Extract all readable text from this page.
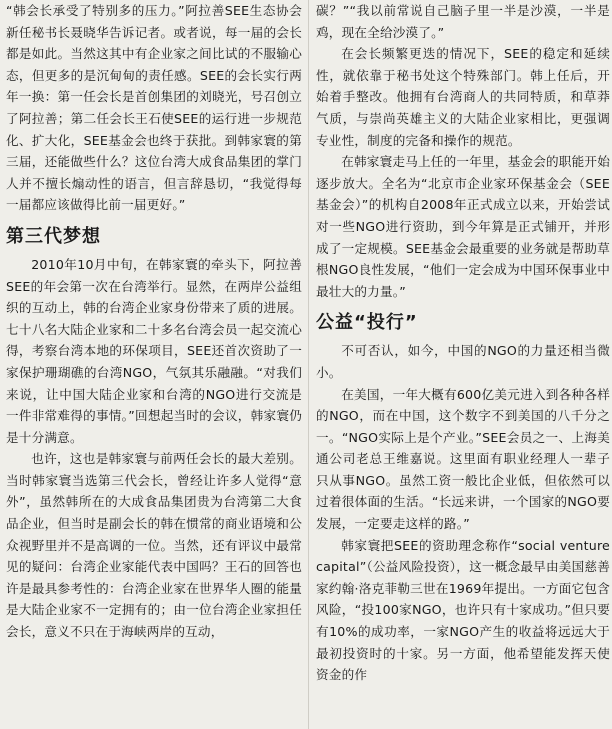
“韩会长承受了特别多的压力。”阿拉善SEE生态协会新任秘书长聂晓华告诉记者。或者说，每一届的会长都是如此。当然这其中有企业家之间比试的不服输心态，但更多的是沉甸甸的责任感。SEE的会长实行两年一换：第一任会长是首创集团的刘晓光，号召创立了阿拉善；第二任会长王石使SEE的运行进一步规范化、扩大化，SEE基金会也终于获批。到韩家寰的第三届，还能做些什么？这位台湾大成食品集团的掌门人并不擅长煽动性的语言，但言辞恳切，“我觉得每一届都应该做得比前一届更好。”

第三代梦想

2010年10月中旬，在韩家寰的牵头下，阿拉善SEE的年会第一次在台湾举行。显然，在两岸公益组织的互动上，韩的台湾企业家身份带来了质的进展。七十八名大陆企业家和二十多名台湾会员一起交流心得，考察台湾本地的环保项目，SEE还首次资助了一家保护珊瑚礁的台湾NGO，气氛其乐融融。“对我们来说，让中国大陆企业家和台湾的NGO进行交流是一件非常难得的事情。”回想起当时的会议，韩家寰仍是十分满意。

也许，这也是韩家寰与前两任会长的最大差别。当时韩家寰当选第三代会长，曾经让许多人觉得“意外”，虽然韩所在的大成食品集团贵为台湾第二大食品企业，但当时是副会长的韩在惯常的商业语境和公众视野里并不是高调的一位。当然，还有评议中最常见的疑问：台湾企业家能代表中国吗？王石的回答也许是最具参考性的：台湾企业家在世界华人圈的能量是大陆企业家不一定拥有的；由一位台湾企业家担任会长，意义不只在于海峡两岸的互动，

碳？”“我以前常说自己脑子里一半是沙漠，一半是鸡，现在全给沙漠了。”

在会长频繁更迭的情况下，SEE的稳定和延续性，就依靠于秘书处这个特殊部门。韩上任后，开始着手整改。他拥有台湾商人的共同特质，和草莽气质，与崇尚英雄主义的大陆企业家相比，更强调专业性，制度的完备和操作的规范。

在韩家寰走马上任的一年里，基金会的职能开始逐步放大。全名为“北京市企业家环保基金会（SEE基金会）”的机构自2008年正式成立以来，开始尝试对一些NGO进行资助，到今年算是正式铺开，并形成了一定规模。SEE基金会最重要的业务就是帮助草根NGO良性发展，“他们一定会成为中国环保事业中最壮大的力量。”

公益“投行”

不可否认，如今，中国的NGO的力量还相当微小。

在美国，一年大概有600亿美元进入到各种各样的NGO，而在中国，这个数字不到美国的八千分之一。“NGO实际上是个产业。”SEE会员之一、上海美通公司老总王维嘉说。这里面有职业经理人一辈子只从事NGO。虽然工资一般比企业低，但依然可以过着很体面的生活。“长远来讲，一个国家的NGO要发展，一定要走这样的路。”

韩家寰把SEE的资助理念称作“social venture capital”（公益风险投资），这一概念最早由美国慈善家约翰·洛克菲勒三世在1969年提出。一方面它包含风险，“投100家NGO，也许只有十家成功。”但只要有10%的成功率，一家NGO产生的收益将远远大于最初投资时的十家。另一方面，他希望能发挥天使资金的作
